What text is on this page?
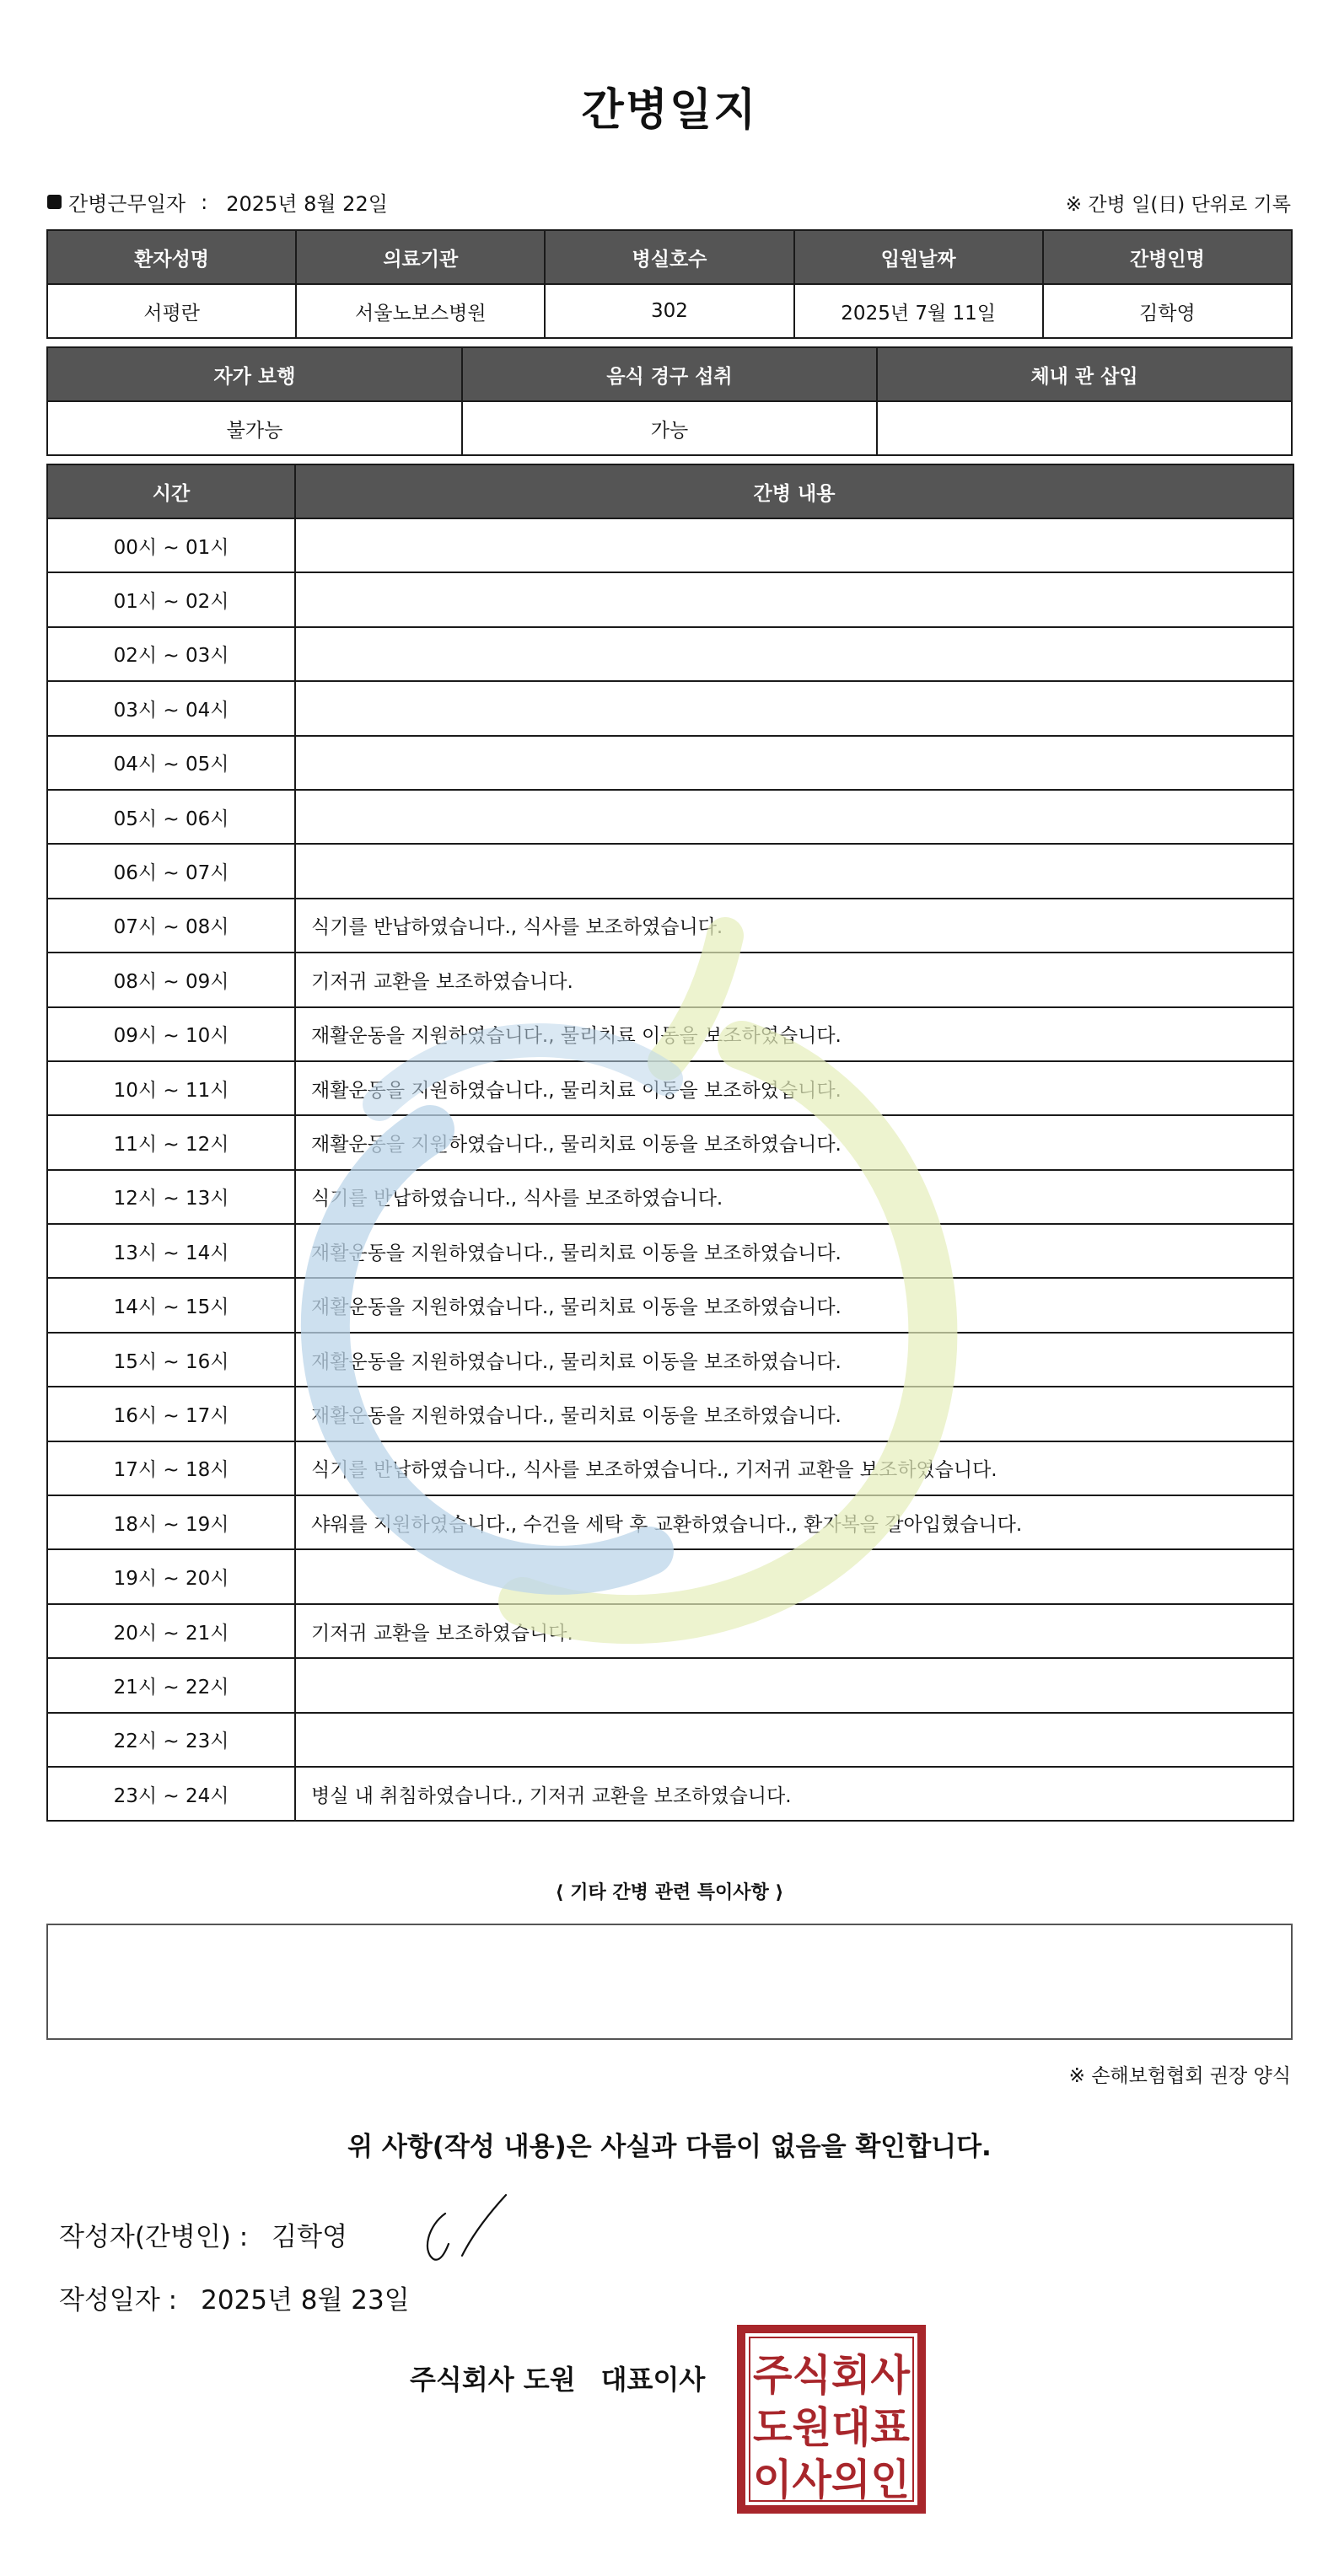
간병일지
간병근무일자 : 2025년 8월 22일	※ 간병 일(日) 단위로 기록
환자성명	의료기관	병실호수	입원날짜	간병인명
서평란	서울노보스병원	302	2025년 7월 11일	김학영
자가 보행	음식 경구 섭취	체내 관 삽입
불가능	가능	
시간	간병 내용
00시 ~ 01시	
01시 ~ 02시	
02시 ~ 03시	
03시 ~ 04시	
04시 ~ 05시	
05시 ~ 06시	
06시 ~ 07시	
07시 ~ 08시	식기를 반납하였습니다., 식사를 보조하였습니다.
08시 ~ 09시	기저귀 교환을 보조하였습니다.
09시 ~ 10시	재활운동을 지원하였습니다., 물리치료 이동을 보조하였습니다.
10시 ~ 11시	재활운동을 지원하였습니다., 물리치료 이동을 보조하였습니다.
11시 ~ 12시	재활운동을 지원하였습니다., 물리치료 이동을 보조하였습니다.
12시 ~ 13시	식기를 반납하였습니다., 식사를 보조하였습니다.
13시 ~ 14시	재활운동을 지원하였습니다., 물리치료 이동을 보조하였습니다.
14시 ~ 15시	재활운동을 지원하였습니다., 물리치료 이동을 보조하였습니다.
15시 ~ 16시	재활운동을 지원하였습니다., 물리치료 이동을 보조하였습니다.
16시 ~ 17시	재활운동을 지원하였습니다., 물리치료 이동을 보조하였습니다.
17시 ~ 18시	식기를 반납하였습니다., 식사를 보조하였습니다., 기저귀 교환을 보조하였습니다.
18시 ~ 19시	샤워를 지원하였습니다., 수건을 세탁 후 교환하였습니다., 환자복을 갈아입혔습니다.
19시 ~ 20시	
20시 ~ 21시	기저귀 교환을 보조하였습니다.
21시 ~ 22시	
22시 ~ 23시	
23시 ~ 24시	병실 내 취침하였습니다., 기저귀 교환을 보조하였습니다.
⟨ 기타 간병 관련 특이사항 ⟩
※ 손해보험협회 권장 양식
위 사항(작성 내용)은 사실과 다름이 없음을 확인합니다.
작성자(간병인) : 김학영
작성일자 : 2025년 8월 23일
주식회사 도원 대표이사 주식회사
도원대표
이사의인
